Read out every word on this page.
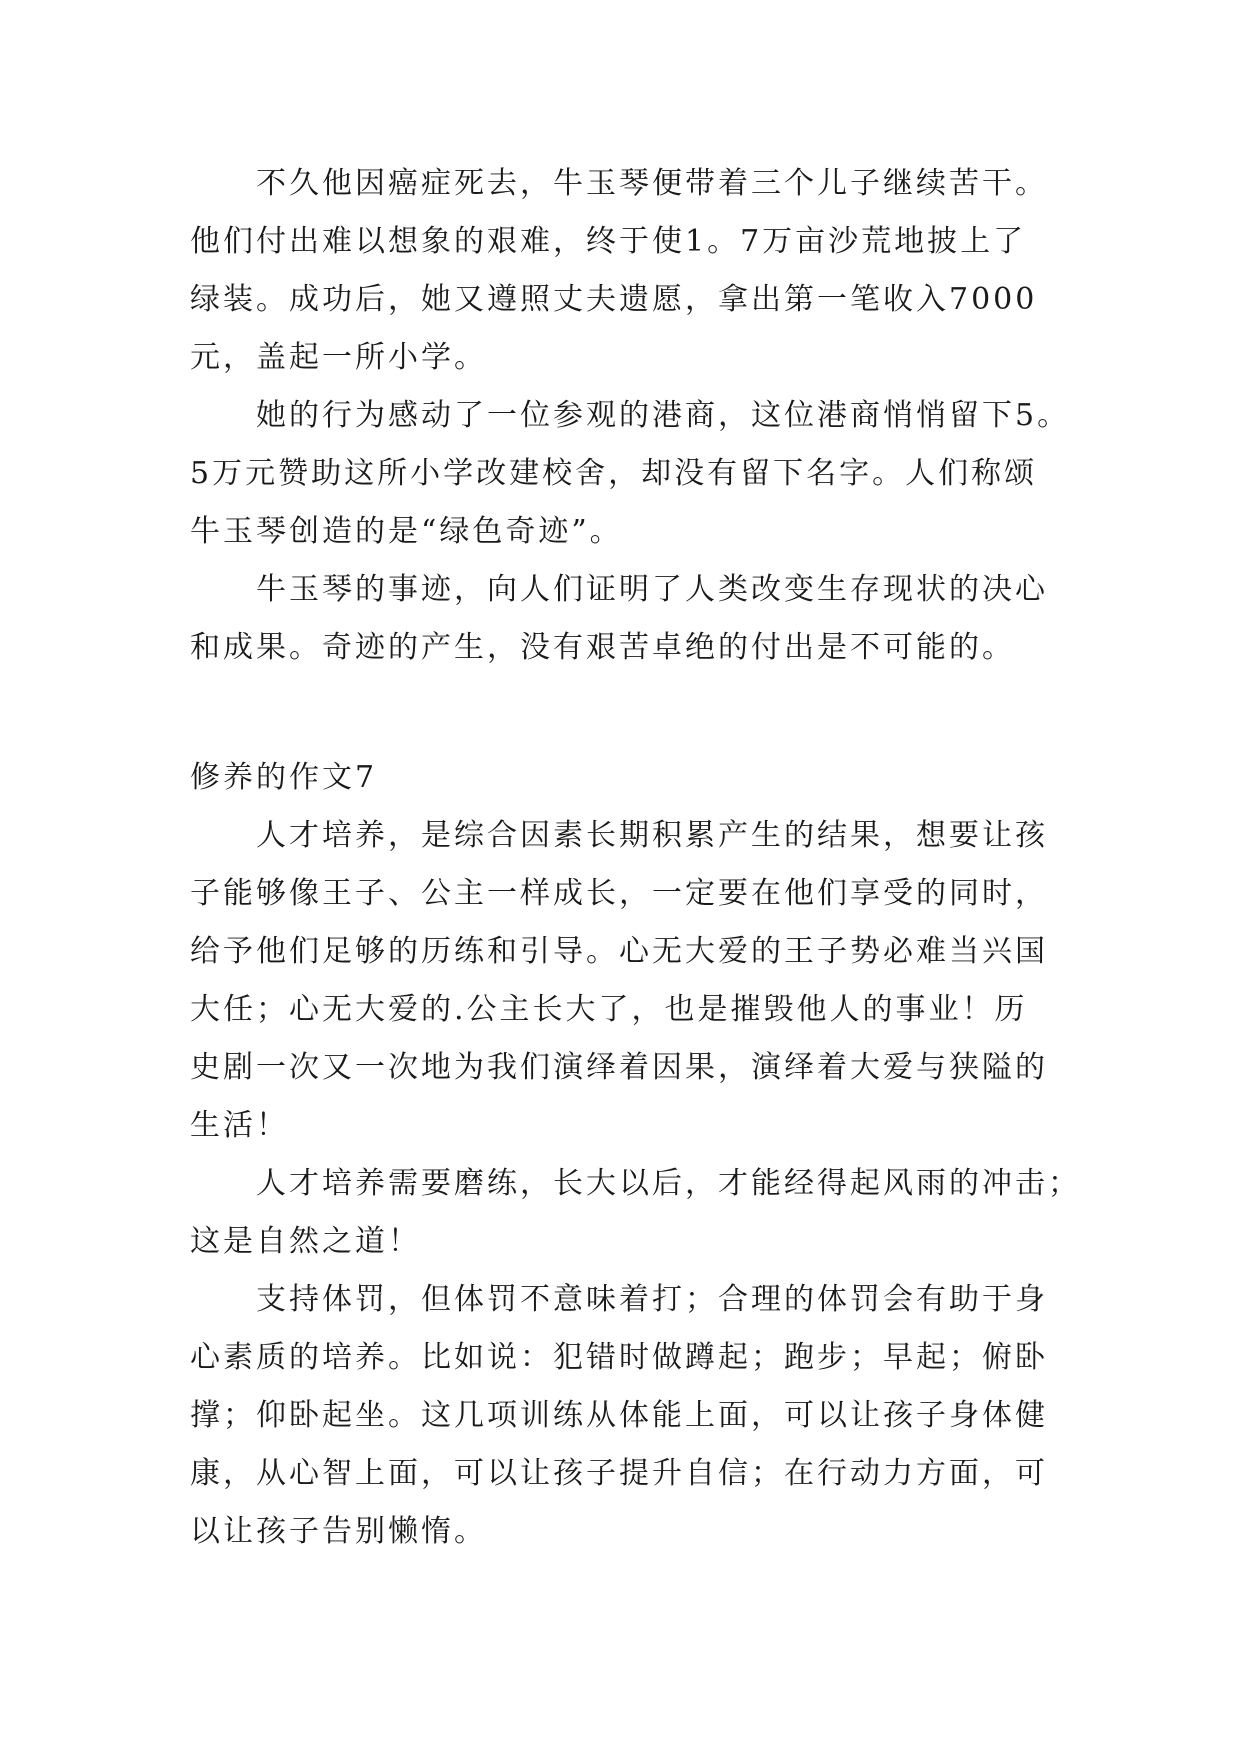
不久他因癌症死去，牛玉琴便带着三个儿子继续苦干。
他们付出难以想象的艰难，终于使1。7万亩沙荒地披上了
绿装。成功后，她又遵照丈夫遗愿，拿出第一笔收入7000
元，盖起一所小学。
她的行为感动了一位参观的港商，这位港商悄悄留下5。
5万元赞助这所小学改建校舍，却没有留下名字。人们称颂
牛玉琴创造的是“绿色奇迹”。
牛玉琴的事迹，向人们证明了人类改变生存现状的决心
和成果。奇迹的产生，没有艰苦卓绝的付出是不可能的。
修养的作文7
人才培养，是综合因素长期积累产生的结果，想要让孩
子能够像王子、公主一样成长，一定要在他们享受的同时，
给予他们足够的历练和引导。心无大爱的王子势必难当兴国
大任；心无大爱的.公主长大了，也是摧毁他人的事业！历
史剧一次又一次地为我们演绎着因果，演绎着大爱与狭隘的
生活！
人才培养需要磨练，长大以后，才能经得起风雨的冲击；
这是自然之道！
支持体罚，但体罚不意味着打；合理的体罚会有助于身
心素质的培养。比如说：犯错时做蹲起；跑步；早起；俯卧
撑；仰卧起坐。这几项训练从体能上面，可以让孩子身体健
康，从心智上面，可以让孩子提升自信；在行动力方面，可
以让孩子告别懒惰。
